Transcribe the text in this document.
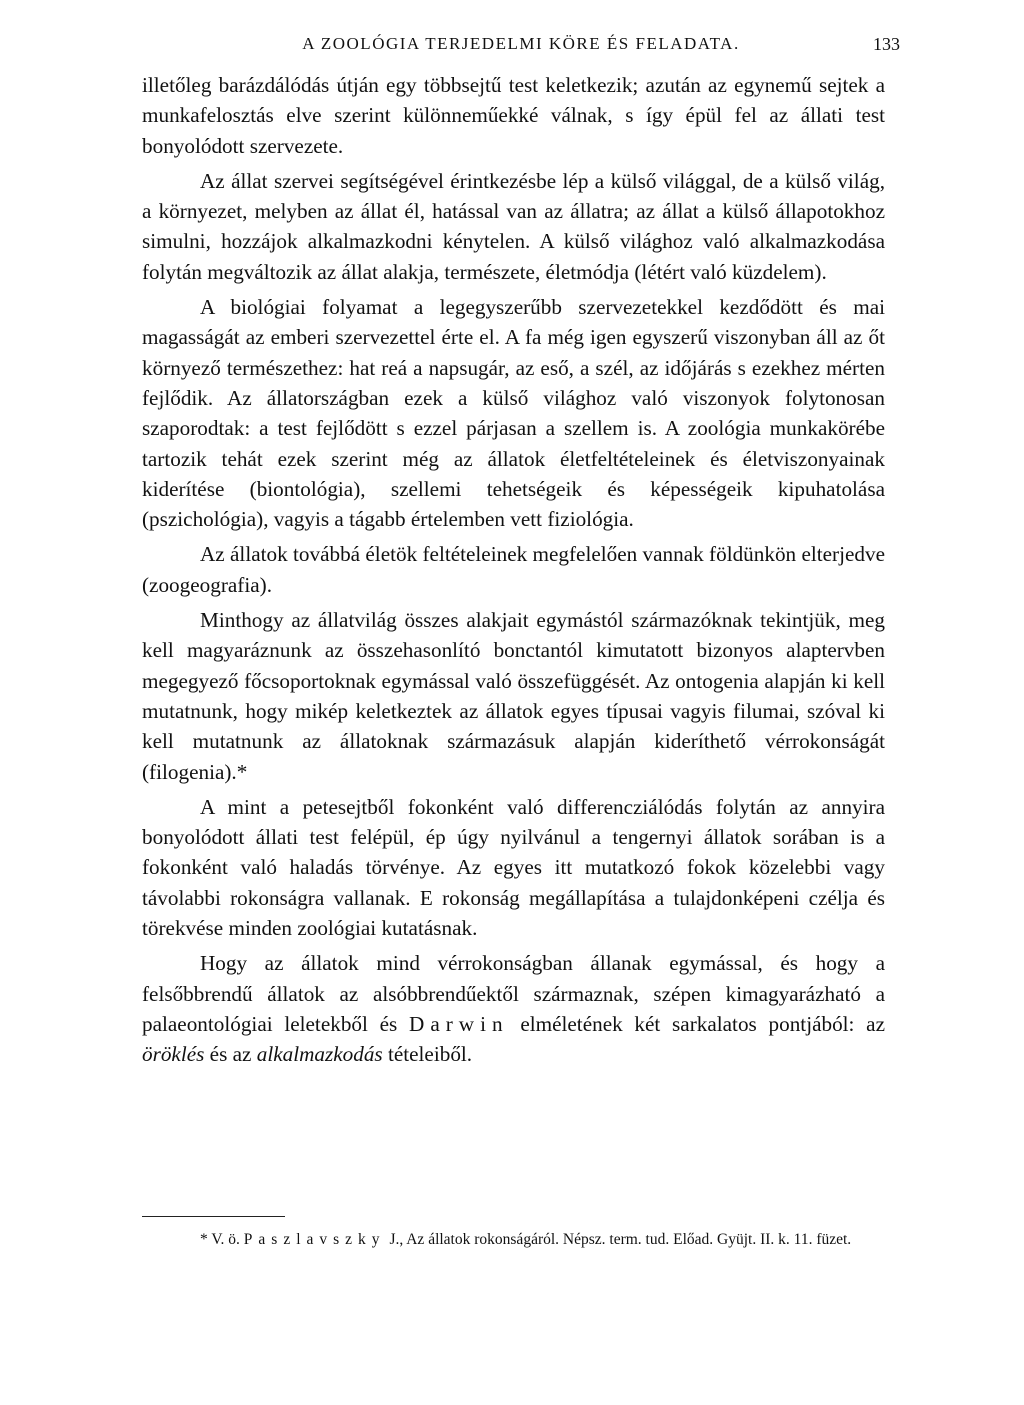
A ZOOLÓGIA TERJEDELMI KÖRE ÉS FELADATA.	133

illetőleg barázdálódás útján egy többsejtű test keletkezik; azután az egynemű sejtek a munkafelosztás elve szerint különneműekké válnak, s így épül fel az állati test bonyolódott szervezete.

Az állat szervei segítségével érintkezésbe lép a külső világgal, de a külső világ, a környezet, melyben az állat él, hatással van az állatra; az állat a külső állapotokhoz simulni, hozzájok alkalmazkodni kénytelen. A külső világhoz való alkalmazkodása folytán megváltozik az állat alakja, természete, életmódja (létért való küzdelem).

A biológiai folyamat a legegyszerűbb szervezetekkel kezdődött és mai magasságát az emberi szervezettel érte el. A fa még igen egyszerű viszonyban áll az őt környező természethez: hat reá a napsugár, az eső, a szél, az időjárás s ezekhez mérten fejlődik. Az állatországban ezek a külső világhoz való viszonyok folytonosan szaporodtak: a test fejlődött s ezzel párjasan a szellem is. A zoológia munkakörébe tartozik tehát ezek szerint még az állatok életfeltételeinek és életviszonyainak kiderítése (biontológia), szellemi tehetségeik és képességeik kipuhatolása (pszichológia), vagyis a tágabb értelemben vett fiziológia.

Az állatok továbbá életök feltételeinek megfelelően vannak földünkön elterjedve (zoogeografia).

Minthogy az állatvilág összes alakjait egymástól származóknak tekintjük, meg kell magyaráznunk az összehasonlító bonctantól kimutatott bizonyos alaptervben megegyező főcsoportoknak egymással való összefüggését. Az ontogenia alapján ki kell mutatnunk, hogy mikép keletkeztek az állatok egyes típusai vagyis filumai, szóval ki kell mutatnunk az állatoknak származásuk alapján kideríthető vérrokonságát (filogenia).*

A mint a petesejtből fokonként való differencziálódás folytán az annyira bonyolódott állati test felépül, ép úgy nyilvánul a tengernyi állatok sorában is a fokonként való haladás törvénye. Az egyes itt mutatkozó fokok közelebbi vagy távolabbi rokonságra vallanak. E rokonság megállapítása a tulajdonképeni czélja és törekvése minden zoológiai kutatásnak.

Hogy az állatok mind vérrokonságban állanak egymással, és hogy a felsőbbrendű állatok az alsóbbrendűektől származnak, szépen kimagyarázható a palaeontológiai leletekből és Darwin elméletének két sarkalatos pontjából: az öröklés és az alkalmazkodás tételeiből.

* V. ö. Paszlavszky J., Az állatok rokonságáról. Népsz. term. tud. Előad. Gyüjt. II. k. 11. füzet.
